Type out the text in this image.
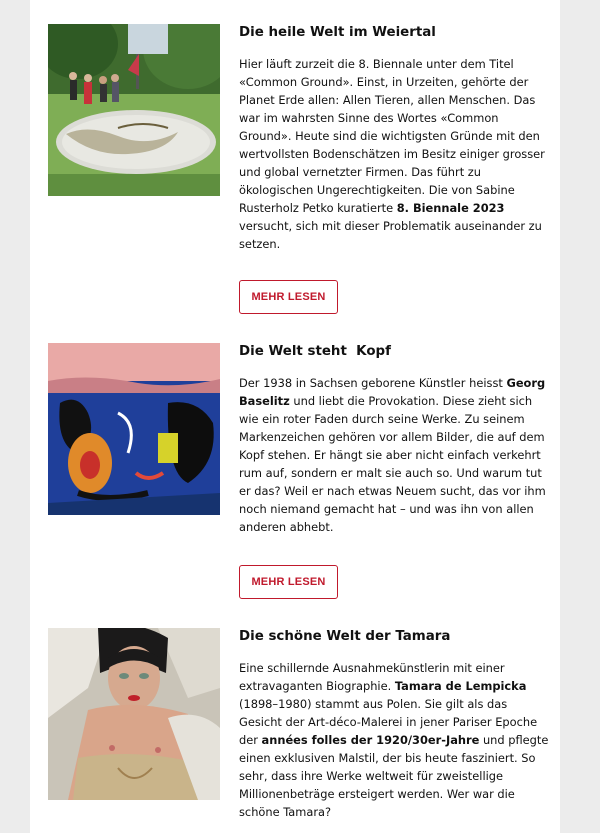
Die heile Welt im Weiertal

Hier läuft zurzeit die 8. Biennale unter dem Titel «Common Ground». Einst, in Urzeiten, gehörte der Planet Erde allen: Allen Tieren, allen Menschen. Das war im wahrsten Sinne des Wortes «Common Ground». Heute sind die wichtigsten Gründe mit den wertvollsten Bodenschätzen im Besitz einiger grosser und global vernetzter Firmen. Das führt zu ökologischen Ungerechtigkeiten. Die von Sabine Rusterholz Petko kuratierte 8. Biennale 2023 versucht, sich mit dieser Problematik auseinander zu setzen.

MEHR LESEN
Die Welt steht  Kopf

Der 1938 in Sachsen geborene Künstler heisst Georg Baselitz und liebt die Provokation. Diese zieht sich wie ein roter Faden durch seine Werke. Zu seinem Markenzeichen gehören vor allem Bilder, die auf dem Kopf stehen. Er hängt sie aber nicht einfach verkehrt rum auf, sondern er malt sie auch so. Und warum tut er das? Weil er nach etwas Neuem sucht, das vor ihm noch niemand gemacht hat – und was ihn von allen anderen abhebt.

MEHR LESEN
Die schöne Welt der Tamara

Eine schillernde Ausnahmekünstlerin mit einer extravaganten Biographie. Tamara de Lempicka (1898–1980) stammt aus Polen. Sie gilt als das Gesicht der Art-déco-Malerei in jener Pariser Epoche der années folles der 1920/30er-Jahre und pflegte einen exklusiven Malstil, der bis heute fasziniert. So sehr, dass ihre Werke weltweit für zweistellige Millionenbeträge ersteigert werden. Wer war die schöne Tamara?
